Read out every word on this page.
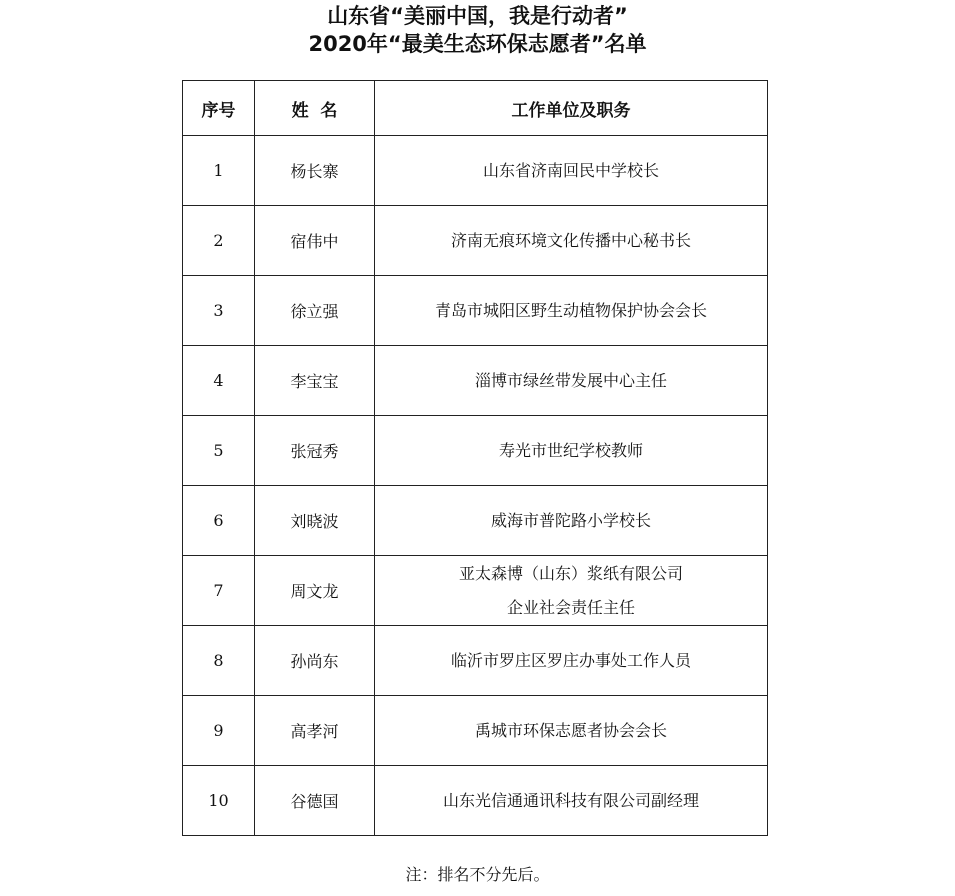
山东省“美丽中国，我是行动者”
2020年“最美生态环保志愿者”名单
序号	姓  名	工作单位及职务
1	杨长寨	山东省济南回民中学校长

2	宿伟中	济南无痕环境文化传播中心秘书长

3	徐立强	青岛市城阳区野生动植物保护协会会长

4	李宝宝	淄博市绿丝带发展中心主任

5	张冠秀	寿光市世纪学校教师

6	刘晓波	威海市普陀路小学校长

7	周文龙	亚太森博（山东）浆纸有限公司
企业社会责任主任

8	孙尚东	临沂市罗庄区罗庄办事处工作人员

9	高孝河	禹城市环保志愿者协会会长

10	谷德国	山东光信通通讯科技有限公司副经理
注：排名不分先后。
